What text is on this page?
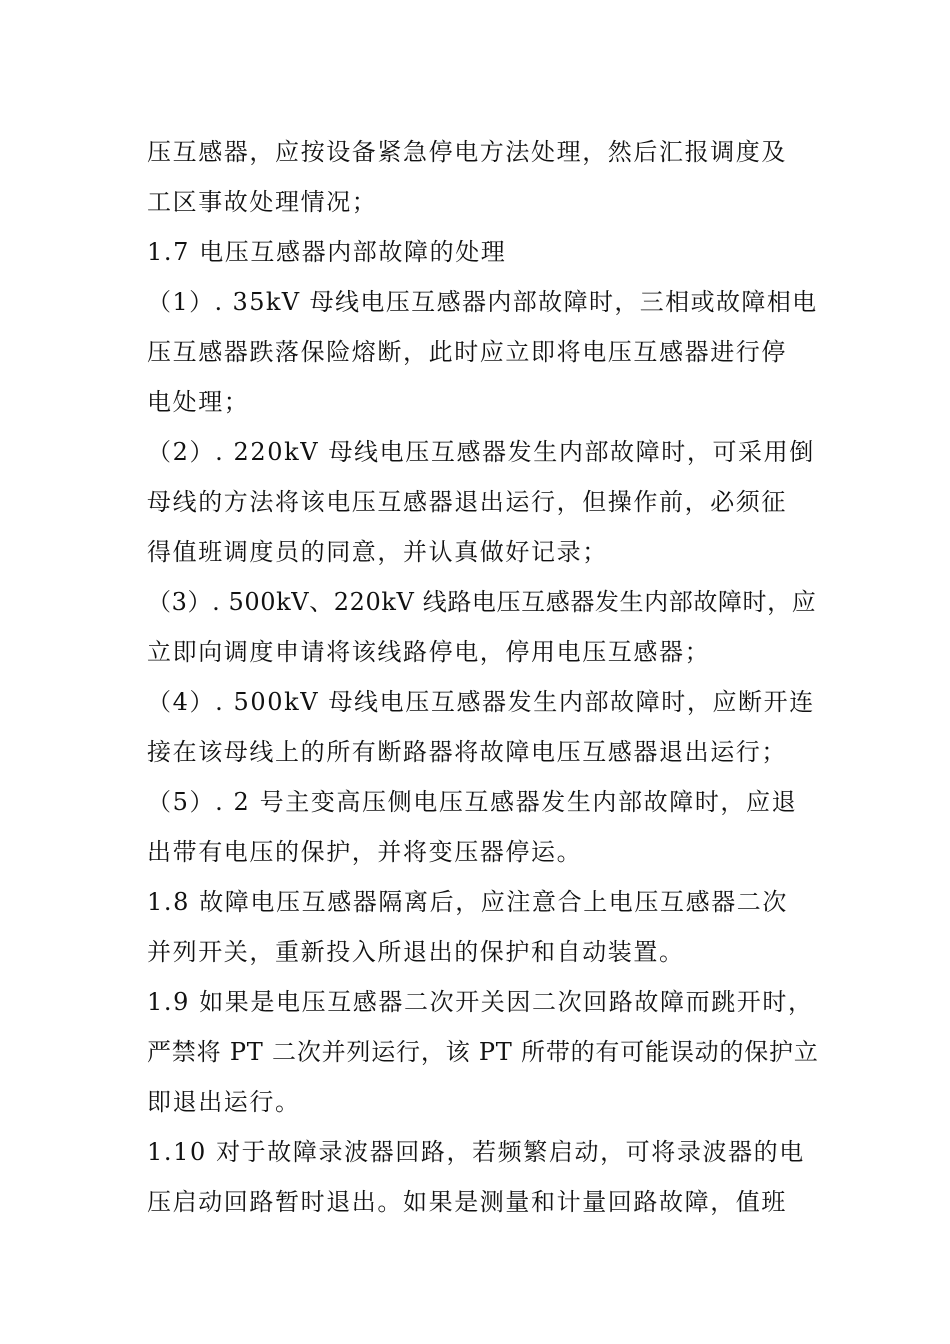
压互感器，应按设备紧急停电方法处理，然后汇报调度及
工区事故处理情况；
1.7 电压互感器内部故障的处理
（1）. 35kV 母线电压互感器内部故障时，三相或故障相电
压互感器跌落保险熔断，此时应立即将电压互感器进行停
电处理；
（2）. 220kV 母线电压互感器发生内部故障时，可采用倒
母线的方法将该电压互感器退出运行，但操作前，必须征
得值班调度员的同意，并认真做好记录；
（3）. 500kV、220kV 线路电压互感器发生内部故障时，应
立即向调度申请将该线路停电，停用电压互感器；
（4）. 500kV 母线电压互感器发生内部故障时，应断开连
接在该母线上的所有断路器将故障电压互感器退出运行；
（5）. 2 号主变高压侧电压互感器发生内部故障时，应退
出带有电压的保护，并将变压器停运。
1.8 故障电压互感器隔离后，应注意合上电压互感器二次
并列开关，重新投入所退出的保护和自动装置。
1.9 如果是电压互感器二次开关因二次回路故障而跳开时，
严禁将 PT 二次并列运行，该 PT 所带的有可能误动的保护立
即退出运行。
1.10 对于故障录波器回路，若频繁启动，可将录波器的电
压启动回路暂时退出。如果是测量和计量回路故障，值班
